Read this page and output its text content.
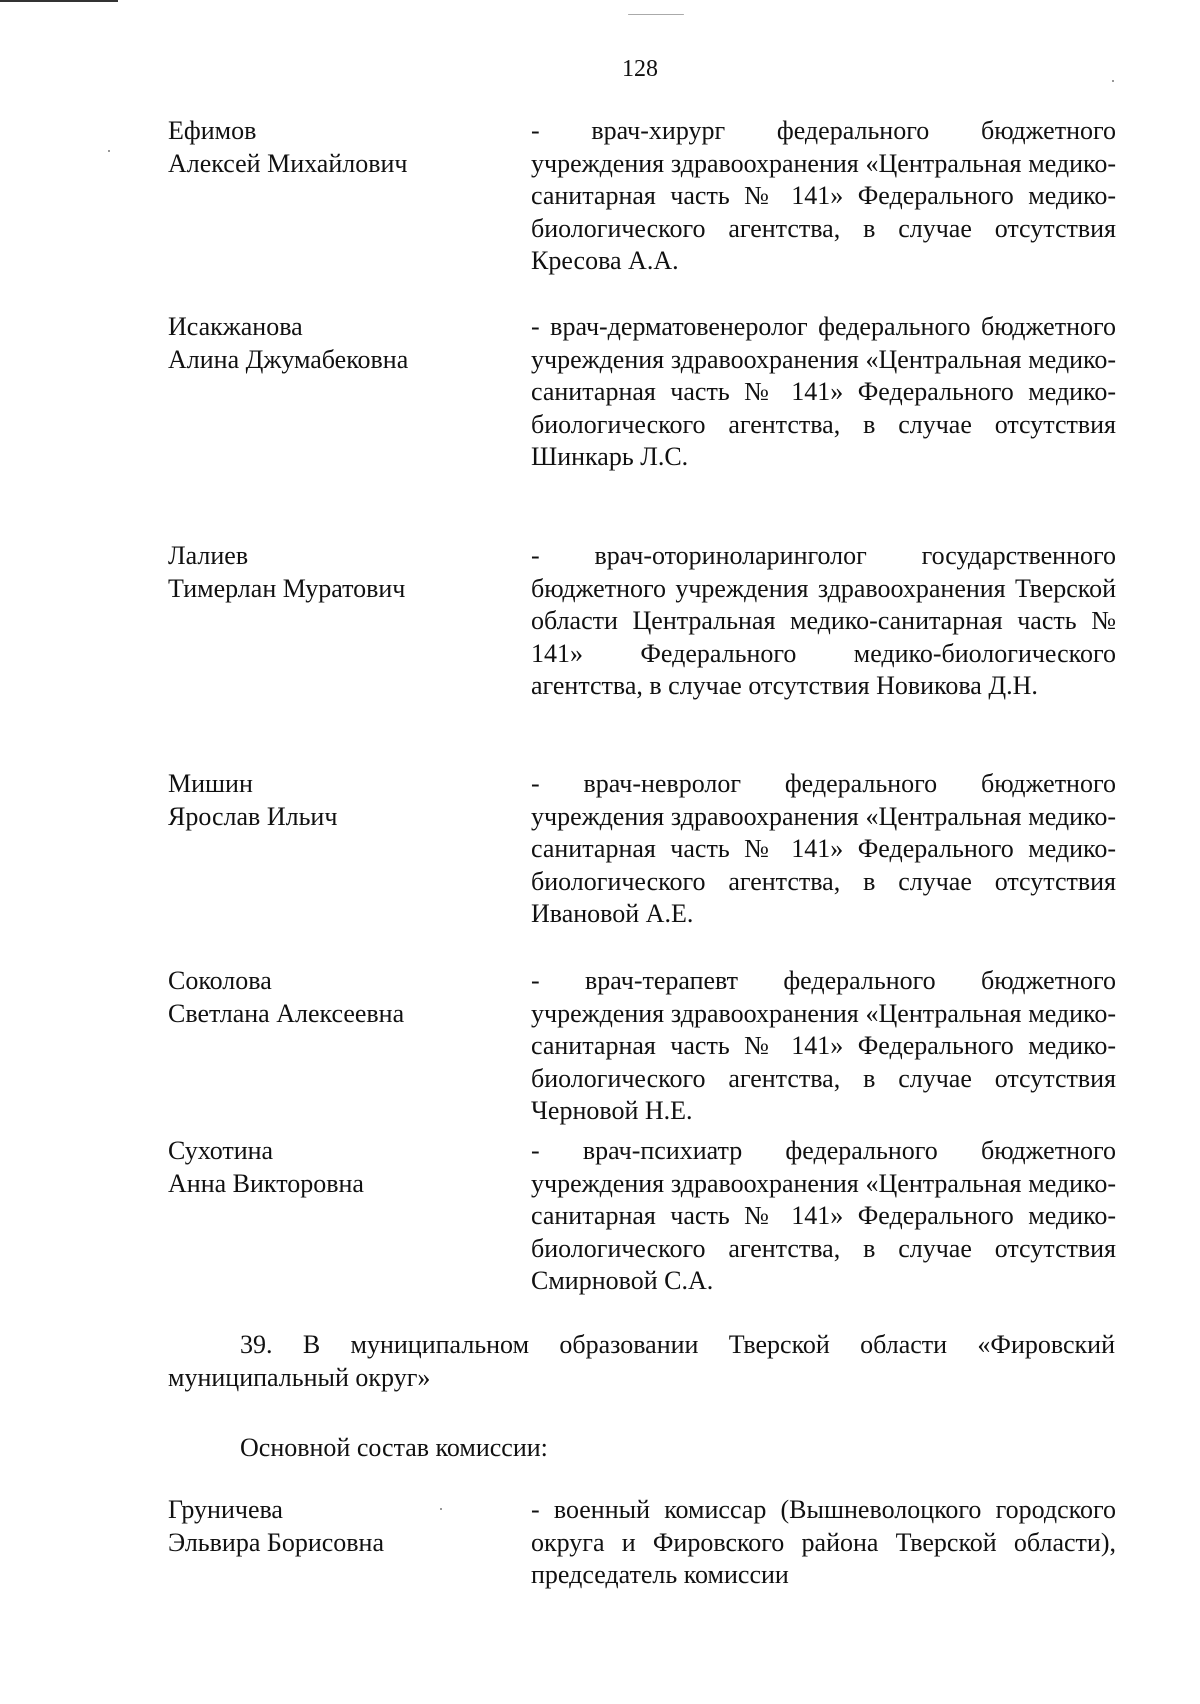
128
Ефимов
Алексей Михайлович
- врач-хирург федерального бюджетного учреждения здравоохранения «Центральная медико-санитарная часть № 141» Федерального медико-биологического агентства, в случае отсутствия Кресова А.А.
Исакжанова
Алина Джумабековна
- врач-дерматовенеролог федерального бюджетного учреждения здравоохранения «Центральная медико-санитарная часть № 141» Федерального медико-биологического агентства, в случае отсутствия Шинкарь Л.С.
Лалиев
Тимерлан Муратович
- врач-оториноларинголог государственного бюджетного учреждения здравоохранения Тверской области Центральная медико-санитарная часть № 141» Федерального медико-биологического агентства, в случае отсутствия Новикова Д.Н.
Мишин
Ярослав Ильич
- врач-невролог федерального бюджетного учреждения здравоохранения «Центральная медико-санитарная часть № 141» Федерального медико-биологического агентства, в случае отсутствия Ивановой А.Е.
Соколова
Светлана Алексеевна
- врач-терапевт федерального бюджетного учреждения здравоохранения «Центральная медико-санитарная часть № 141» Федерального медико-биологического агентства, в случае отсутствия Черновой Н.Е.
Сухотина
Анна Викторовна
- врач-психиатр федерального бюджетного учреждения здравоохранения «Центральная медико-санитарная часть № 141» Федерального медико-биологического агентства, в случае отсутствия Смирновой С.А.
39. В муниципальном образовании Тверской области «Фировский муниципальный округ»
Основной состав комиссии:
Груничева
Эльвира Борисовна
- военный комиссар (Вышневолоцкого городского округа и Фировского района Тверской области), председатель комиссии
